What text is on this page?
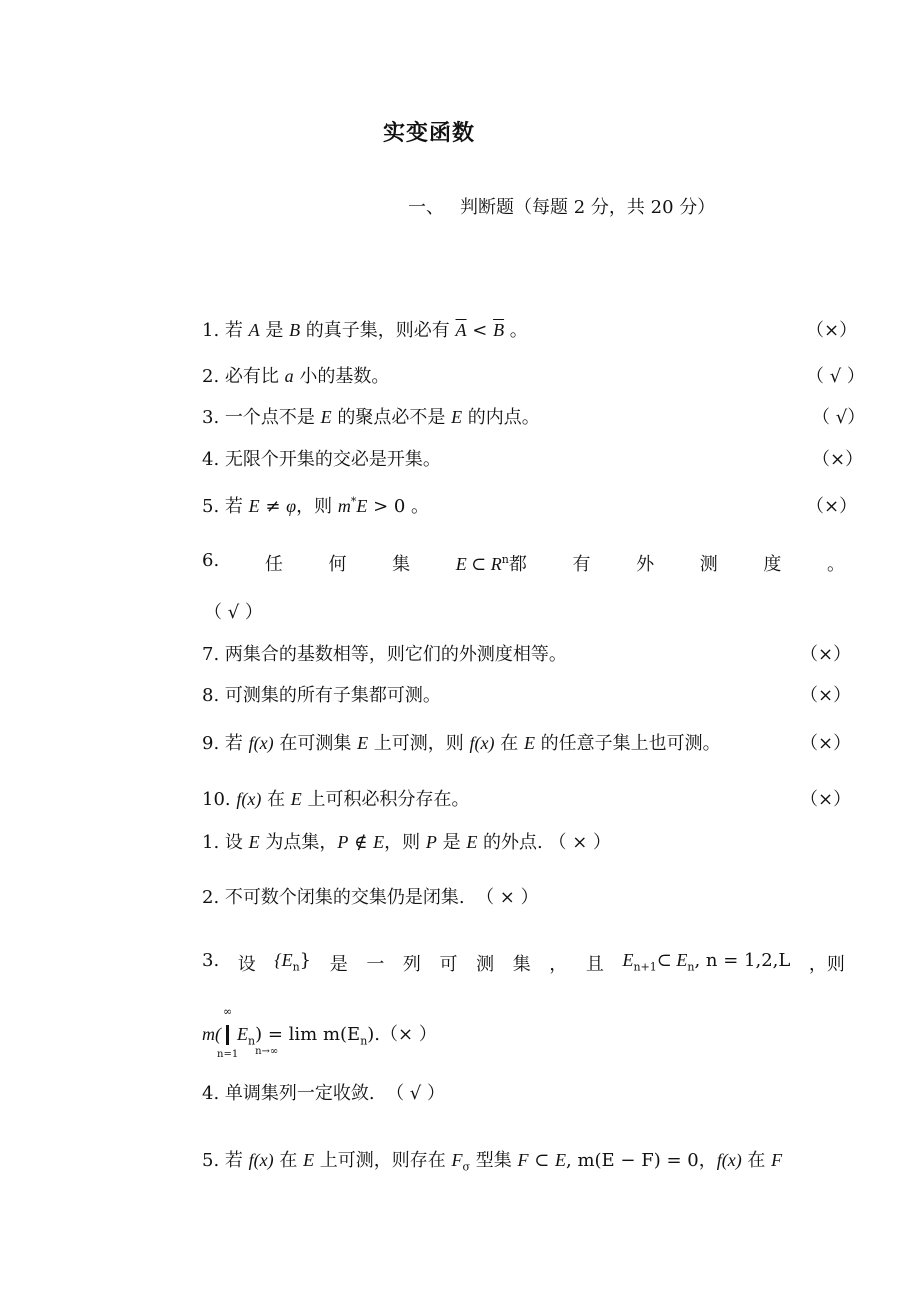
实变函数
一、 判断题（每题 2 分，共 20 分）
1. 若 A 是 B 的真子集，则必有 $\overline{A} < \overline{B}$ 。	（×）
2. 必有比 a 小的基数。	（ √ ）
3. 一个点不是 E 的聚点必不是 E 的内点。	（ √）
4. 无限个开集的交必是开集。	（×）
5. 若 E ≠ φ，则 m*E > 0 。	（×）
6.	任	何	集	E ⊂ $R^n$都	有	外	测	度	。
（ √ ）
7. 两集合的基数相等，则它们的外测度相等。	（×）
8. 可测集的所有子集都可测。	（×）
9. 若 f(x) 在可测集 E 上可测，则 f(x) 在 E 的任意子集上也可测。	（×）
10. f(x) 在 E 上可积必积分存在。	（×）
1. 设 E 为点集，P ∉ E，则 P 是 E 的外点. （ × ）
2. 不可数个闭集的交集仍是闭集. （ × ）
3. 设 $\{E_n\}$ 是 一 列 可 测 集 ， 且 $E_{n+1}\subset$ $E_n$, n = 1,2,L ，则
m(
∞
n=1
$E_n) = \lim m(E$
n→∞
$_n$).（× ）
4. 单调集列一定收敛. （ √ ）
5. 若 f(x) 在 E 上可测，则存在 $F_\sigma$ 型集 F ⊂ E, m(E − F) = 0，f(x) 在 F
